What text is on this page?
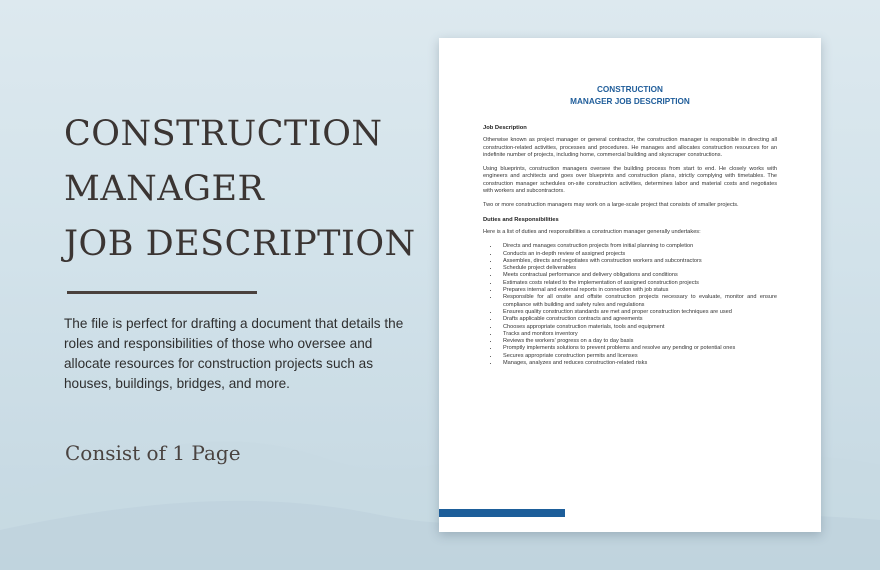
CONSTRUCTION
MANAGER
JOB DESCRIPTION
The file is perfect for drafting a document that details the roles and responsibilities of those who oversee and allocate resources for construction projects such as houses, buildings, bridges, and more.
Consist of 1 Page
CONSTRUCTION
MANAGER JOB DESCRIPTION
Job Description

Otherwise known as project manager or general contractor, the construction manager is responsible in directing all construction-related activities, processes and procedures. He manages and allocates construction resources for an indefinite number of projects, including home, commercial building and skyscraper constructions.

Using blueprints, construction managers oversee the building process from start to end. He closely works with engineers and architects and goes over blueprints and construction plans, strictly complying with timetables. The construction manager schedules on-site construction activities, determines labor and material costs and negotiates with workers and subcontractors.

Two or more construction managers may work on a large-scale project that consists of smaller projects.

Duties and Responsibilities

Here is a list of duties and responsibilities a construction manager generally undertakes:

• Directs and manages construction projects from initial planning to completion
• Conducts an in-depth review of assigned projects
• Assembles, directs and negotiates with construction workers and subcontractors
• Schedule project deliverables
• Meets contractual performance and delivery obligations and conditions
• Estimates costs related to the implementation of assigned construction projects
• Prepares internal and external reports in connection with job status
• Responsible for all onsite and offsite construction projects necessary to evaluate, monitor and ensure compliance with building and safety rules and regulations
• Ensures quality construction standards are met and proper construction techniques are used
• Drafts applicable construction contracts and agreements
• Chooses appropriate construction materials, tools and equipment
• Tracks and monitors inventory
• Reviews the workers' progress on a day to day basis
• Promptly implements solutions to prevent problems and resolve any pending or potential ones
• Secures appropriate construction permits and licenses
• Manages, analyzes and reduces construction-related risks
